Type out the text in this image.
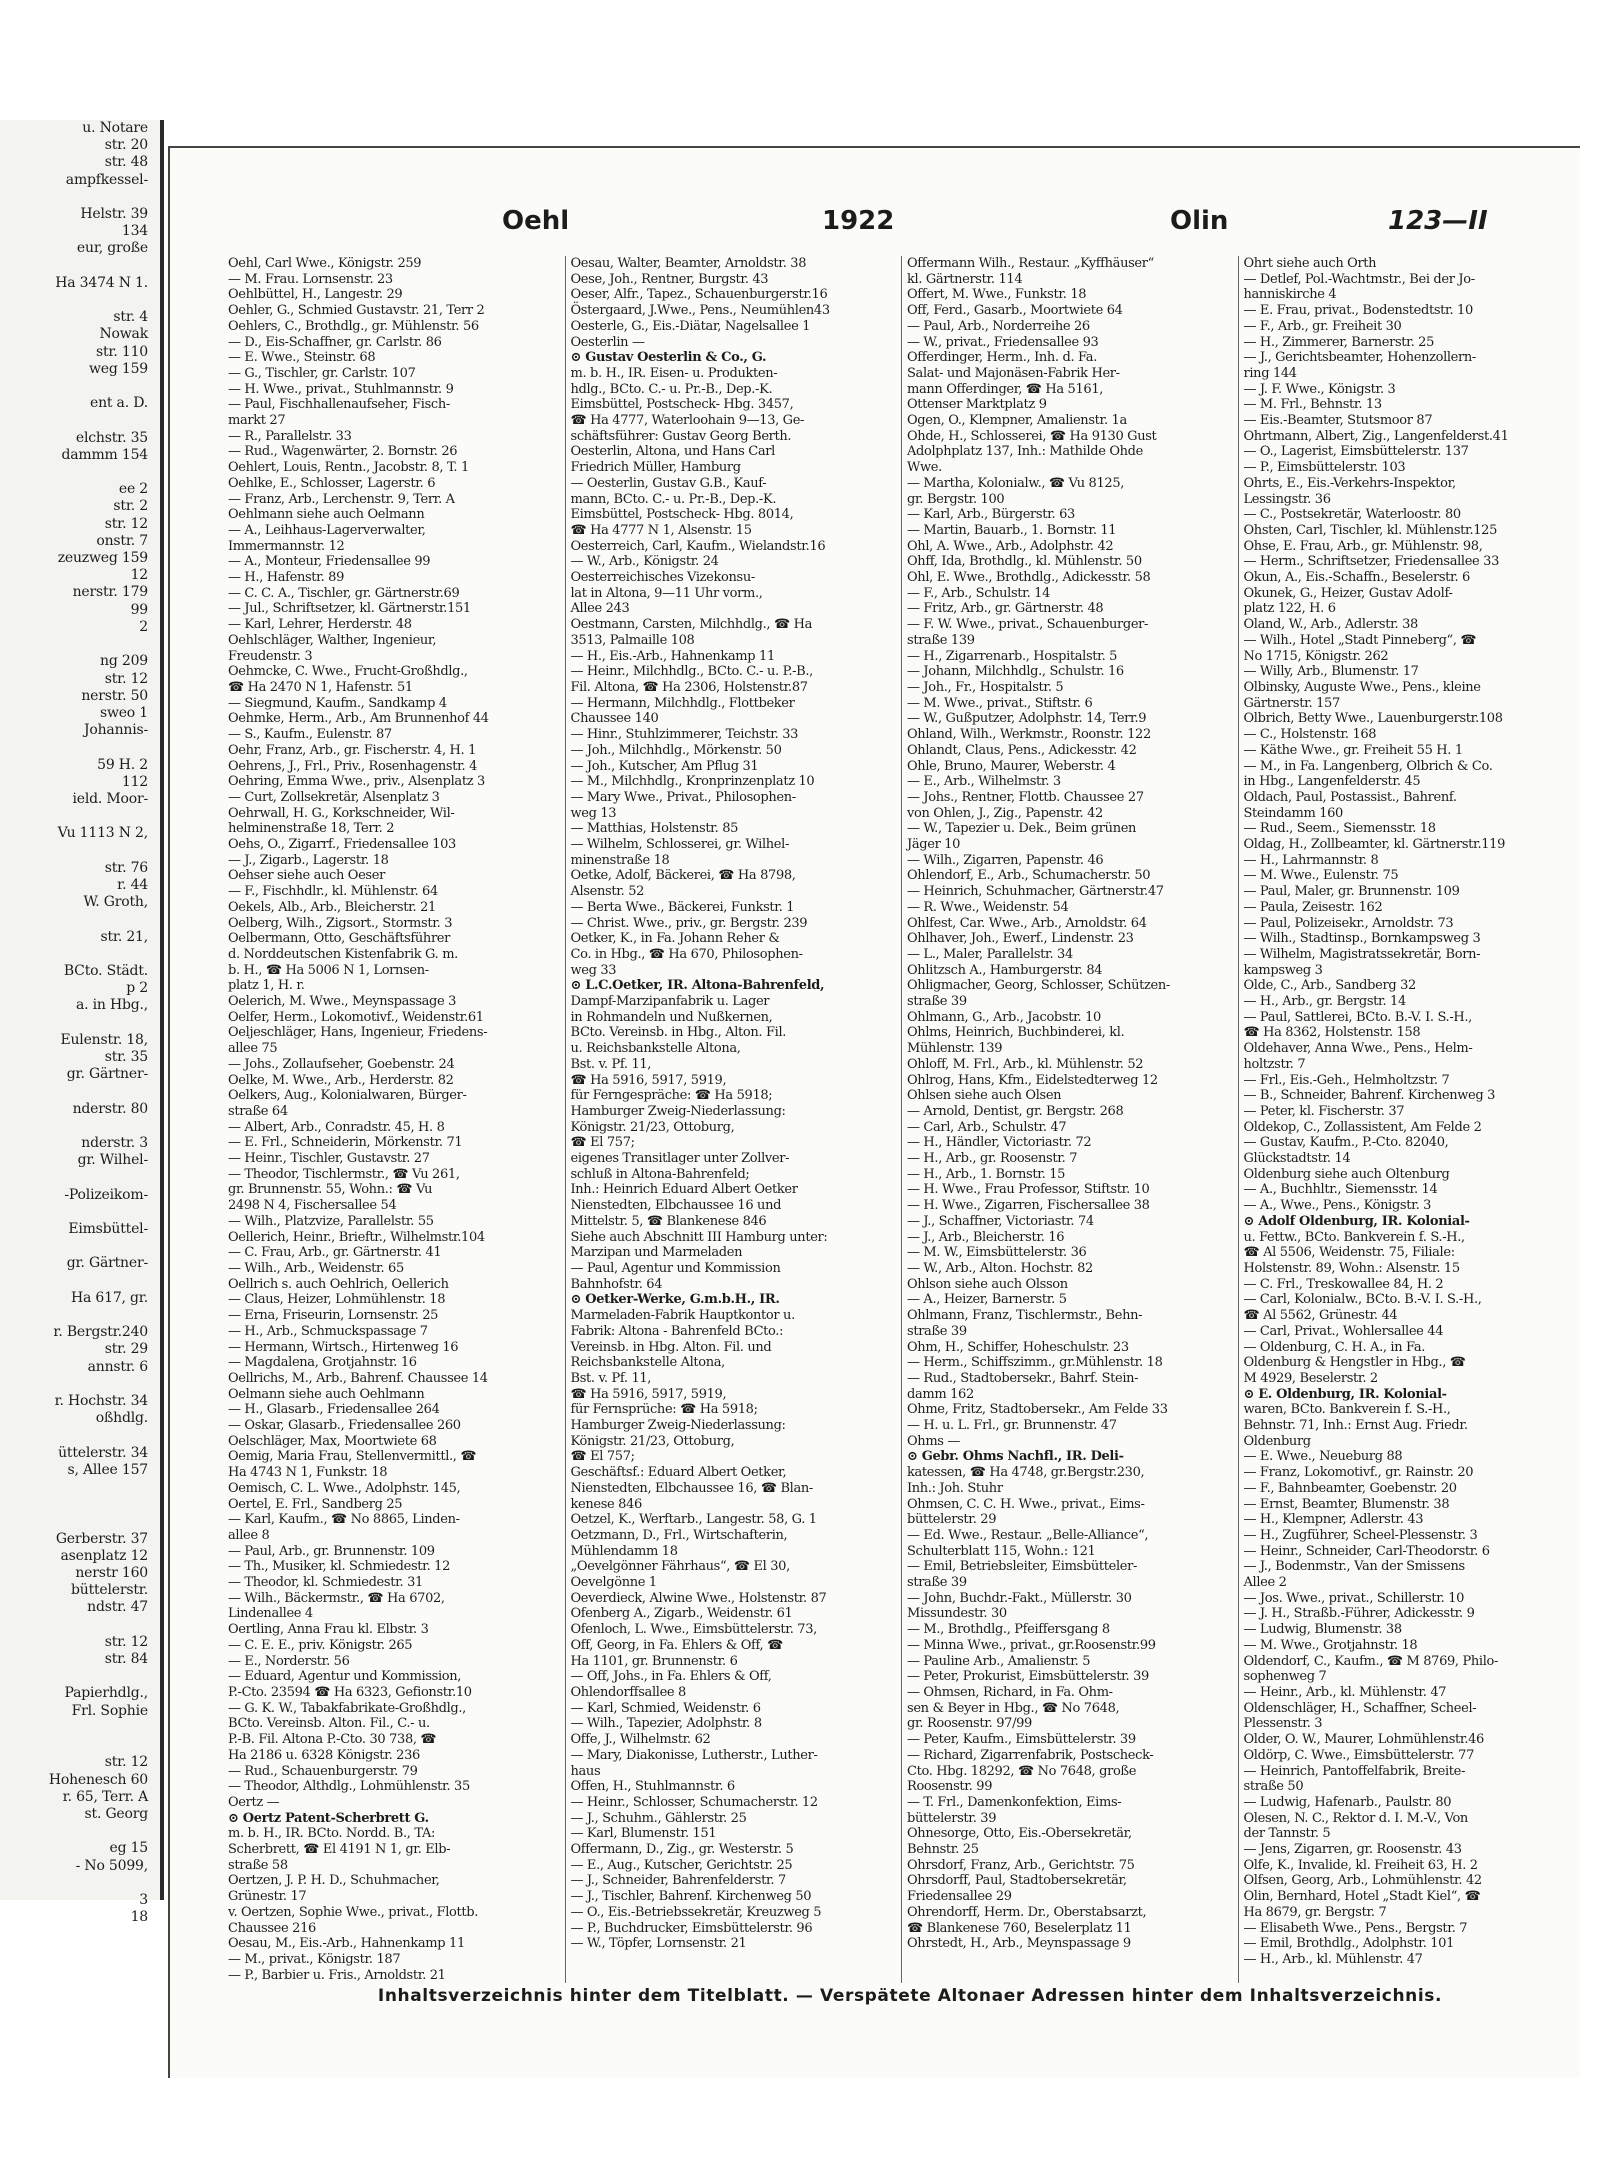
u. Notare
str. 20
str. 48
ampfkessel-

Helstr. 39
134
eur, große

Ha 3474 N 1.

str. 4
Nowak
str. 110
weg 159

ent a. D.

elchstr. 35
dammm 154

ee 2
str. 2
str. 12
onstr. 7
zeuzweg 159
12
nerstr. 179
99
2

ng 209
str. 12
nerstr. 50
sweo 1
Johannis-

59 H. 2
112
ield. Moor-

Vu 1113 N 2,

str. 76
r. 44
W. Groth,

str. 21,

BCto. Städt.
p 2
a. in Hbg.,

Eulenstr. 18,
str. 35
gr. Gärtner-

nderstr. 80

nderstr. 3
gr. Wilhel-

-Polizeikom-

Eimsbüttel-

gr. Gärtner-

Ha 617, gr.

r. Bergstr.240
str. 29
annstr. 6

r. Hochstr. 34
oßhdlg.

üttelerstr. 34
s, Allee 157

Gerberstr. 37
asenplatz 12
nerstr 160
büttelerstr.
ndstr. 47

str. 12
str. 84

Papierhdlg.,
Frl. Sophie

str. 12
Hohenesch 60
r. 65, Terr. A
st. Georg

eg 15
- No 5099,

3
18

Oehl	1922	Olin	123—II
Oehl, Carl Wwe., Königstr. 259
— M. Frau. Lornsenstr. 23
Oehlbüttel, H., Langestr. 29
Oehler, G., Schmied Gustavstr. 21, Terr 2
Oehlers, C., Brothdlg., gr. Mühlenstr. 56
— D., Eis-Schaffner, gr. Carlstr. 86
— E. Wwe., Steinstr. 68
— G., Tischler, gr. Carlstr. 107
— H. Wwe., privat., Stuhlmannstr. 9
— Paul, Fischhallenaufseher, Fisch-
markt 27
— R., Parallelstr. 33
— Rud., Wagenwärter, 2. Bornstr. 26
Oehlert, Louis, Rentn., Jacobstr. 8, T. 1
Oehlke, E., Schlosser, Lagerstr. 6
— Franz, Arb., Lerchenstr. 9, Terr. A
Oehlmann siehe auch Oelmann
— A., Leihhaus-Lagerverwalter,
Immermannstr. 12
— A., Monteur, Friedensallee 99
— H., Hafenstr. 89
— C. C. A., Tischler, gr. Gärtnerstr.69
— Jul., Schriftsetzer, kl. Gärtnerstr.151
— Karl, Lehrer, Herderstr. 48
Oehlschläger, Walther, Ingenieur,
Freudenstr. 3
Oehmcke, C. Wwe., Frucht-Großhdlg.,
☎ Ha 2470 N 1, Hafenstr. 51
— Siegmund, Kaufm., Sandkamp 4
Oehmke, Herm., Arb., Am Brunnenhof 44
— S., Kaufm., Eulenstr. 87
Oehr, Franz, Arb., gr. Fischerstr. 4, H. 1
Oehrens, J., Frl., Priv., Rosenhagenstr. 4
Oehring, Emma Wwe., priv., Alsenplatz 3
— Curt, Zollsekretär, Alsenplatz 3
Oehrwall, H. G., Korkschneider, Wil-
helminenstraße 18, Terr. 2
Oehs, O., Zigarrf., Friedensallee 103
— J., Zigarb., Lagerstr. 18
Oehser siehe auch Oeser
— F., Fischhdlr., kl. Mühlenstr. 64
Oekels, Alb., Arb., Bleicherstr. 21
Oelberg, Wilh., Zigsort., Stormstr. 3
Oelbermann, Otto, Geschäftsführer
d. Norddeutschen Kistenfabrik G. m.
b. H., ☎ Ha 5006 N 1, Lornsen-
platz 1, H. r.
Oelerich, M. Wwe., Meynspassage 3
Oelfer, Herm., Lokomotivf., Weidenstr.61
Oeljeschläger, Hans, Ingenieur, Friedens-
allee 75
— Johs., Zollaufseher, Goebenstr. 24
Oelke, M. Wwe., Arb., Herderstr. 82
Oelkers, Aug., Kolonialwaren, Bürger-
straße 64
— Albert, Arb., Conradstr. 45, H. 8
— E. Frl., Schneiderin, Mörkenstr. 71
— Heinr., Tischler, Gustavstr. 27
— Theodor, Tischlermstr., ☎ Vu 261,
gr. Brunnenstr. 55, Wohn.: ☎ Vu
2498 N 4, Fischersallee 54
— Wilh., Platzvize, Parallelstr. 55
Oellerich, Heinr., Brieftr., Wilhelmstr.104
— C. Frau, Arb., gr. Gärtnerstr. 41
— Wilh., Arb., Weidenstr. 65
Oellrich s. auch Oehlrich, Oellerich
— Claus, Heizer, Lohmühlenstr. 18
— Erna, Friseurin, Lornsenstr. 25
— H., Arb., Schmuckspassage 7
— Hermann, Wirtsch., Hirtenweg 16
— Magdalena, Grotjahnstr. 16
Oellrichs, M., Arb., Bahrenf. Chaussee 14
Oelmann siehe auch Oehlmann
— H., Glasarb., Friedensallee 264
— Oskar, Glasarb., Friedensallee 260
Oelschläger, Max, Moortwiete 68
Oemig, Maria Frau, Stellenvermittl., ☎
Ha 4743 N 1, Funkstr. 18
Oemisch, C. L. Wwe., Adolphstr. 145,
Oertel, E. Frl., Sandberg 25
— Karl, Kaufm., ☎ No 8865, Linden-
allee 8
— Paul, Arb., gr. Brunnenstr. 109
— Th., Musiker, kl. Schmiedestr. 12
— Theodor, kl. Schmiedestr. 31
— Wilh., Bäckermstr., ☎ Ha 6702,
Lindenallee 4
Oertling, Anna Frau kl. Elbstr. 3
— C. E. E., priv. Königstr. 265
— E., Norderstr. 56
— Eduard, Agentur und Kommission,
P.-Cto. 23594 ☎ Ha 6323, Gefionstr.10
— G. K. W., Tabakfabrikate-Großhdlg.,
BCto. Vereinsb. Alton. Fil., C.- u.
P.-B. Fil. Altona P.-Cto. 30 738, ☎
Ha 2186 u. 6328 Königstr. 236
— Rud., Schauenburgerstr. 79
— Theodor, Althdlg., Lohmühlenstr. 35
Oertz —
⊙ Oertz Patent-Scherbrett G.
m. b. H., IR. BCto. Nordd. B., TA:
Scherbrett, ☎ El 4191 N 1, gr. Elb-
straße 58
Oertzen, J. P. H. D., Schuhmacher,
Grünestr. 17
v. Oertzen, Sophie Wwe., privat., Flottb.
Chaussee 216
Oesau, M., Eis.-Arb., Hahnenkamp 11
— M., privat., Königstr. 187
— P., Barbier u. Fris., Arnoldstr. 21
Oesau, Walter, Beamter, Arnoldstr. 38
Oese, Joh., Rentner, Burgstr. 43
Oeser, Alfr., Tapez., Schauenburgerstr.16
Östergaard, J.Wwe., Pens., Neumühlen43
Oesterle, G., Eis.-Diätar, Nagelsallee 1
Oesterlin —
⊙ Gustav Oesterlin & Co., G.
m. b. H., IR. Eisen- u. Produkten-
hdlg., BCto. C.- u. Pr.-B., Dep.-K.
Eimsbüttel, Postscheck- Hbg. 3457,
☎ Ha 4777, Waterloohain 9—13, Ge-
schäftsführer: Gustav Georg Berth.
Oesterlin, Altona, und Hans Carl
Friedrich Müller, Hamburg
— Oesterlin, Gustav G.B., Kauf-
mann, BCto. C.- u. Pr.-B., Dep.-K.
Eimsbüttel, Postscheck- Hbg. 8014,
☎ Ha 4777 N 1, Alsenstr. 15
Oesterreich, Carl, Kaufm., Wielandstr.16
— W., Arb., Königstr. 24
Oesterreichisches Vizekonsu-
lat in Altona, 9—11 Uhr vorm.,
Allee 243
Oestmann, Carsten, Milchhdlg., ☎ Ha
3513, Palmaille 108
— H., Eis.-Arb., Hahnenkamp 11
— Heinr., Milchhdlg., BCto. C.- u. P.-B.,
Fil. Altona, ☎ Ha 2306, Holstenstr.87
— Hermann, Milchhdlg., Flottbeker
Chaussee 140
— Hinr., Stuhlzimmerer, Teichstr. 33
— Joh., Milchhdlg., Mörkenstr. 50
— Joh., Kutscher, Am Pflug 31
— M., Milchhdlg., Kronprinzenplatz 10
— Mary Wwe., Privat., Philosophen-
weg 13
— Matthias, Holstenstr. 85
— Wilhelm, Schlosserei, gr. Wilhel-
minenstraße 18
Oetke, Adolf, Bäckerei, ☎ Ha 8798,
Alsenstr. 52
— Berta Wwe., Bäckerei, Funkstr. 1
— Christ. Wwe., priv., gr. Bergstr. 239
Oetker, K., in Fa. Johann Reher &
Co. in Hbg., ☎ Ha 670, Philosophen-
weg 33
⊙ L.C.Oetker, IR. Altona-Bahrenfeld,
Dampf-Marzipanfabrik u. Lager
in Rohmandeln und Nußkernen,
BCto. Vereinsb. in Hbg., Alton. Fil.
u. Reichsbankstelle Altona,
Bst. v. Pf. 11,
☎ Ha 5916, 5917, 5919,
für Ferngespräche: ☎ Ha 5918;
Hamburger Zweig-Niederlassung:
Königstr. 21/23, Ottoburg,
☎ El 757;
eigenes Transitlager unter Zollver-
schluß in Altona-Bahrenfeld;
Inh.: Heinrich Eduard Albert Oetker
Nienstedten, Elbchaussee 16 und
Mittelstr. 5, ☎ Blankenese 846
Siehe auch Abschnitt III Hamburg unter:
Marzipan und Marmeladen
— Paul, Agentur und Kommission
Bahnhofstr. 64
⊙ Oetker-Werke, G.m.b.H., IR.
Marmeladen-Fabrik Hauptkontor u.
Fabrik: Altona - Bahrenfeld BCto.:
Vereinsb. in Hbg. Alton. Fil. und
Reichsbankstelle Altona,
Bst. v. Pf. 11,
☎ Ha 5916, 5917, 5919,
für Fernsprüche: ☎ Ha 5918;
Hamburger Zweig-Niederlassung:
Königstr. 21/23, Ottoburg,
☎ El 757;
Geschäftsf.: Eduard Albert Oetker,
Nienstedten, Elbchaussee 16, ☎ Blan-
kenese 846
Oetzel, K., Werftarb., Langestr. 58, G. 1
Oetzmann, D., Frl., Wirtschafterin,
Mühlendamm 18
„Oevelgönner Fährhaus“, ☎ El 30,
Oevelgönne 1
Oeverdieck, Alwine Wwe., Holstenstr. 87
Ofenberg A., Zigarb., Weidenstr. 61
Ofenloch, L. Wwe., Eimsbüttelerstr. 73,
Off, Georg, in Fa. Ehlers & Off, ☎
Ha 1101, gr. Brunnenstr. 6
— Off, Johs., in Fa. Ehlers & Off,
Ohlendorffsallee 8
— Karl, Schmied, Weidenstr. 6
— Wilh., Tapezier, Adolphstr. 8
Offe, J., Wilhelmstr. 62
— Mary, Diakonisse, Lutherstr., Luther-
haus
Offen, H., Stuhlmannstr. 6
— Heinr., Schlosser, Schumacherstr. 12
— J., Schuhm., Gählerstr. 25
— Karl, Blumenstr. 151
Offermann, D., Zig., gr. Westerstr. 5
— E., Aug., Kutscher, Gerichtstr. 25
— J., Schneider, Bahrenfelderstr. 7
— J., Tischler, Bahrenf. Kirchenweg 50
— O., Eis.-Betriebssekretär, Kreuzweg 5
— P., Buchdrucker, Eimsbüttelerstr. 96
— W., Töpfer, Lornsenstr. 21
Offermann Wilh., Restaur. „Kyffhäuser“
kl. Gärtnerstr. 114
Offert, M. Wwe., Funkstr. 18
Off, Ferd., Gasarb., Moortwiete 64
— Paul, Arb., Norderreihe 26
— W., privat., Friedensallee 93
Offerdinger, Herm., Inh. d. Fa.
Salat- und Majonäsen-Fabrik Her-
mann Offerdinger, ☎ Ha 5161,
Ottenser Marktplatz 9
Ogen, O., Klempner, Amalienstr. 1a
Ohde, H., Schlosserei, ☎ Ha 9130 Gust
Adolphplatz 137, Inh.: Mathilde Ohde
Wwe.
— Martha, Kolonialw., ☎ Vu 8125,
gr. Bergstr. 100
— Karl, Arb., Bürgerstr. 63
— Martin, Bauarb., 1. Bornstr. 11
Ohl, A. Wwe., Arb., Adolphstr. 42
Ohff, Ida, Brothdlg., kl. Mühlenstr. 50
Ohl, E. Wwe., Brothdlg., Adickesstr. 58
— F., Arb., Schulstr. 14
— Fritz, Arb., gr. Gärtnerstr. 48
— F. W. Wwe., privat., Schauenburger-
straße 139
— H., Zigarrenarb., Hospitalstr. 5
— Johann, Milchhdlg., Schulstr. 16
— Joh., Fr., Hospitalstr. 5
— M. Wwe., privat., Stiftstr. 6
— W., Gußputzer, Adolphstr. 14, Terr.9
Ohland, Wilh., Werkmstr., Roonstr. 122
Ohlandt, Claus, Pens., Adickesstr. 42
Ohle, Bruno, Maurer, Weberstr. 4
— E., Arb., Wilhelmstr. 3
— Johs., Rentner, Flottb. Chaussee 27
von Ohlen, J., Zig., Papenstr. 42
— W., Tapezier u. Dek., Beim grünen
Jäger 10
— Wilh., Zigarren, Papenstr. 46
Ohlendorf, E., Arb., Schumacherstr. 50
— Heinrich, Schuhmacher, Gärtnerstr.47
— R. Wwe., Weidenstr. 54
Ohlfest, Car. Wwe., Arb., Arnoldstr. 64
Ohlhaver, Joh., Ewerf., Lindenstr. 23
— L., Maler, Parallelstr. 34
Ohlitzsch A., Hamburgerstr. 84
Ohligmacher, Georg, Schlosser, Schützen-
straße 39
Ohlmann, G., Arb., Jacobstr. 10
Ohlms, Heinrich, Buchbinderei, kl.
Mühlenstr. 139
Ohloff, M. Frl., Arb., kl. Mühlenstr. 52
Ohlrog, Hans, Kfm., Eidelstedterweg 12
Ohlsen siehe auch Olsen
— Arnold, Dentist, gr. Bergstr. 268
— Carl, Arb., Schulstr. 47
— H., Händler, Victoriastr. 72
— H., Arb., gr. Roosenstr. 7
— H., Arb., 1. Bornstr. 15
— H. Wwe., Frau Professor, Stiftstr. 10
— H. Wwe., Zigarren, Fischersallee 38
— J., Schaffner, Victoriastr. 74
— J., Arb., Bleicherstr. 16
— M. W., Eimsbüttelerstr. 36
— W., Arb., Alton. Hochstr. 82
Ohlson siehe auch Olsson
— A., Heizer, Barnerstr. 5
Ohlmann, Franz, Tischlermstr., Behn-
straße 39
Ohm, H., Schiffer, Hoheschulstr. 23
— Herm., Schiffszimm., gr.Mühlenstr. 18
— Rud., Stadtobersekr., Bahrf. Stein-
damm 162
Ohme, Fritz, Stadtobersekr., Am Felde 33
— H. u. L. Frl., gr. Brunnenstr. 47
Ohms —
⊙ Gebr. Ohms Nachfl., IR. Deli-
katessen, ☎ Ha 4748, gr.Bergstr.230,
Inh.: Joh. Stuhr
Ohmsen, C. C. H. Wwe., privat., Eims-
büttelerstr. 29
— Ed. Wwe., Restaur. „Belle-Alliance“,
Schulterblatt 115, Wohn.: 121
— Emil, Betriebsleiter, Eimsbütteler-
straße 39
— John, Buchdr.-Fakt., Müllerstr. 30
Missundestr. 30
— M., Brothdlg., Pfeiffersgang 8
— Minna Wwe., privat., gr.Roosenstr.99
— Pauline Arb., Amalienstr. 5
— Peter, Prokurist, Eimsbüttelerstr. 39
— Ohmsen, Richard, in Fa. Ohm-
sen & Beyer in Hbg., ☎ No 7648,
gr. Roosenstr. 97/99
— Peter, Kaufm., Eimsbüttelerstr. 39
— Richard, Zigarrenfabrik, Postscheck-
Cto. Hbg. 18292, ☎ No 7648, große
Roosenstr. 99
— T. Frl., Damenkonfektion, Eims-
büttelerstr. 39
Ohnesorge, Otto, Eis.-Obersekretär,
Behnstr. 25
Ohrsdorf, Franz, Arb., Gerichtstr. 75
Ohrsdorff, Paul, Stadtobersekretär,
Friedensallee 29
Ohrendorff, Herm. Dr., Oberstabsarzt,
☎ Blankenese 760, Beselerplatz 11
Ohrstedt, H., Arb., Meynspassage 9
Ohrt siehe auch Orth
— Detlef, Pol.-Wachtmstr., Bei der Jo-
hanniskirche 4
— E. Frau, privat., Bodenstedtstr. 10
— F., Arb., gr. Freiheit 30
— H., Zimmerer, Barnerstr. 25
— J., Gerichtsbeamter, Hohenzollern-
ring 144
— J. F. Wwe., Königstr. 3
— M. Frl., Behnstr. 13
— Eis.-Beamter, Stutsmoor 87
Ohrtmann, Albert, Zig., Langenfelderst.41
— O., Lagerist, Eimsbüttelerstr. 137
— P., Eimsbüttelerstr. 103
Ohrts, E., Eis.-Verkehrs-Inspektor,
Lessingstr. 36
— C., Postsekretär, Waterloostr. 80
Ohsten, Carl, Tischler, kl. Mühlenstr.125
Ohse, E. Frau, Arb., gr. Mühlenstr. 98,
— Herm., Schriftsetzer, Friedensallee 33
Okun, A., Eis.-Schaffn., Beselerstr. 6
Okunek, G., Heizer, Gustav Adolf-
platz 122, H. 6
Oland, W., Arb., Adlerstr. 38
— Wilh., Hotel „Stadt Pinneberg“, ☎
No 1715, Königstr. 262
— Willy, Arb., Blumenstr. 17
Olbinsky, Auguste Wwe., Pens., kleine
Gärtnerstr. 157
Olbrich, Betty Wwe., Lauenburgerstr.108
— C., Holstenstr. 168
— Käthe Wwe., gr. Freiheit 55 H. 1
— M., in Fa. Langenberg, Olbrich & Co.
in Hbg., Langenfelderstr. 45
Oldach, Paul, Postassist., Bahrenf.
Steindamm 160
— Rud., Seem., Siemensstr. 18
Oldag, H., Zollbeamter, kl. Gärtnerstr.119
— H., Lahrmannstr. 8
— M. Wwe., Eulenstr. 75
— Paul, Maler, gr. Brunnenstr. 109
— Paula, Zeisestr. 162
— Paul, Polizeisekr., Arnoldstr. 73
— Wilh., Stadtinsp., Bornkampsweg 3
— Wilhelm, Magistratssekretär, Born-
kampsweg 3
Olde, C., Arb., Sandberg 32
— H., Arb., gr. Bergstr. 14
— Paul, Sattlerei, BCto. B.-V. I. S.-H.,
☎ Ha 8362, Holstenstr. 158
Oldehaver, Anna Wwe., Pens., Helm-
holtzstr. 7
— Frl., Eis.-Geh., Helmholtzstr. 7
— B., Schneider, Bahrenf. Kirchenweg 3
— Peter, kl. Fischerstr. 37
Oldekop, C., Zollassistent, Am Felde 2
— Gustav, Kaufm., P.-Cto. 82040,
Glückstadtstr. 14
Oldenburg siehe auch Oltenburg
— A., Buchhltr., Siemensstr. 14
— A., Wwe., Pens., Königstr. 3
⊙ Adolf Oldenburg, IR. Kolonial-
u. Fettw., BCto. Bankverein f. S.-H.,
☎ Al 5506, Weidenstr. 75, Filiale:
Holstenstr. 89, Wohn.: Alsenstr. 15
— C. Frl., Treskowallee 84, H. 2
— Carl, Kolonialw., BCto. B.-V. I. S.-H.,
☎ Al 5562, Grünestr. 44
— Carl, Privat., Wohlersallee 44
— Oldenburg, C. H. A., in Fa.
Oldenburg & Hengstler in Hbg., ☎
M 4929, Beselerstr. 2
⊙ E. Oldenburg, IR. Kolonial-
waren, BCto. Bankverein f. S.-H.,
Behnstr. 71, Inh.: Ernst Aug. Friedr.
Oldenburg
— E. Wwe., Neueburg 88
— Franz, Lokomotivf., gr. Rainstr. 20
— F., Bahnbeamter, Goebenstr. 20
— Ernst, Beamter, Blumenstr. 38
— H., Klempner, Adlerstr. 43
— H., Zugführer, Scheel-Plessenstr. 3
— Heinr., Schneider, Carl-Theodorstr. 6
— J., Bodenmstr., Van der Smissens
Allee 2
— Jos. Wwe., privat., Schillerstr. 10
— J. H., Straßb.-Führer, Adickesstr. 9
— Ludwig, Blumenstr. 38
— M. Wwe., Grotjahnstr. 18
Oldendorf, C., Kaufm., ☎ M 8769, Philo-
sophenweg 7
— Heinr., Arb., kl. Mühlenstr. 47
Oldenschläger, H., Schaffner, Scheel-
Plessenstr. 3
Older, O. W., Maurer, Lohmühlenstr.46
Oldörp, C. Wwe., Eimsbüttelerstr. 77
— Heinrich, Pantoffelfabrik, Breite-
straße 50
— Ludwig, Hafenarb., Paulstr. 80
Olesen, N. C., Rektor d. I. M.-V., Von
der Tannstr. 5
— Jens, Zigarren, gr. Roosenstr. 43
Olfe, K., Invalide, kl. Freiheit 63, H. 2
Olfsen, Georg, Arb., Lohmühlenstr. 42
Olin, Bernhard, Hotel „Stadt Kiel“, ☎
Ha 8679, gr. Bergstr. 7
— Elisabeth Wwe., Pens., Bergstr. 7
— Emil, Brothdlg., Adolphstr. 101
— H., Arb., kl. Mühlenstr. 47
Inhaltsverzeichnis hinter dem Titelblatt. — Verspätete Altonaer Adressen hinter dem Inhaltsverzeichnis.
